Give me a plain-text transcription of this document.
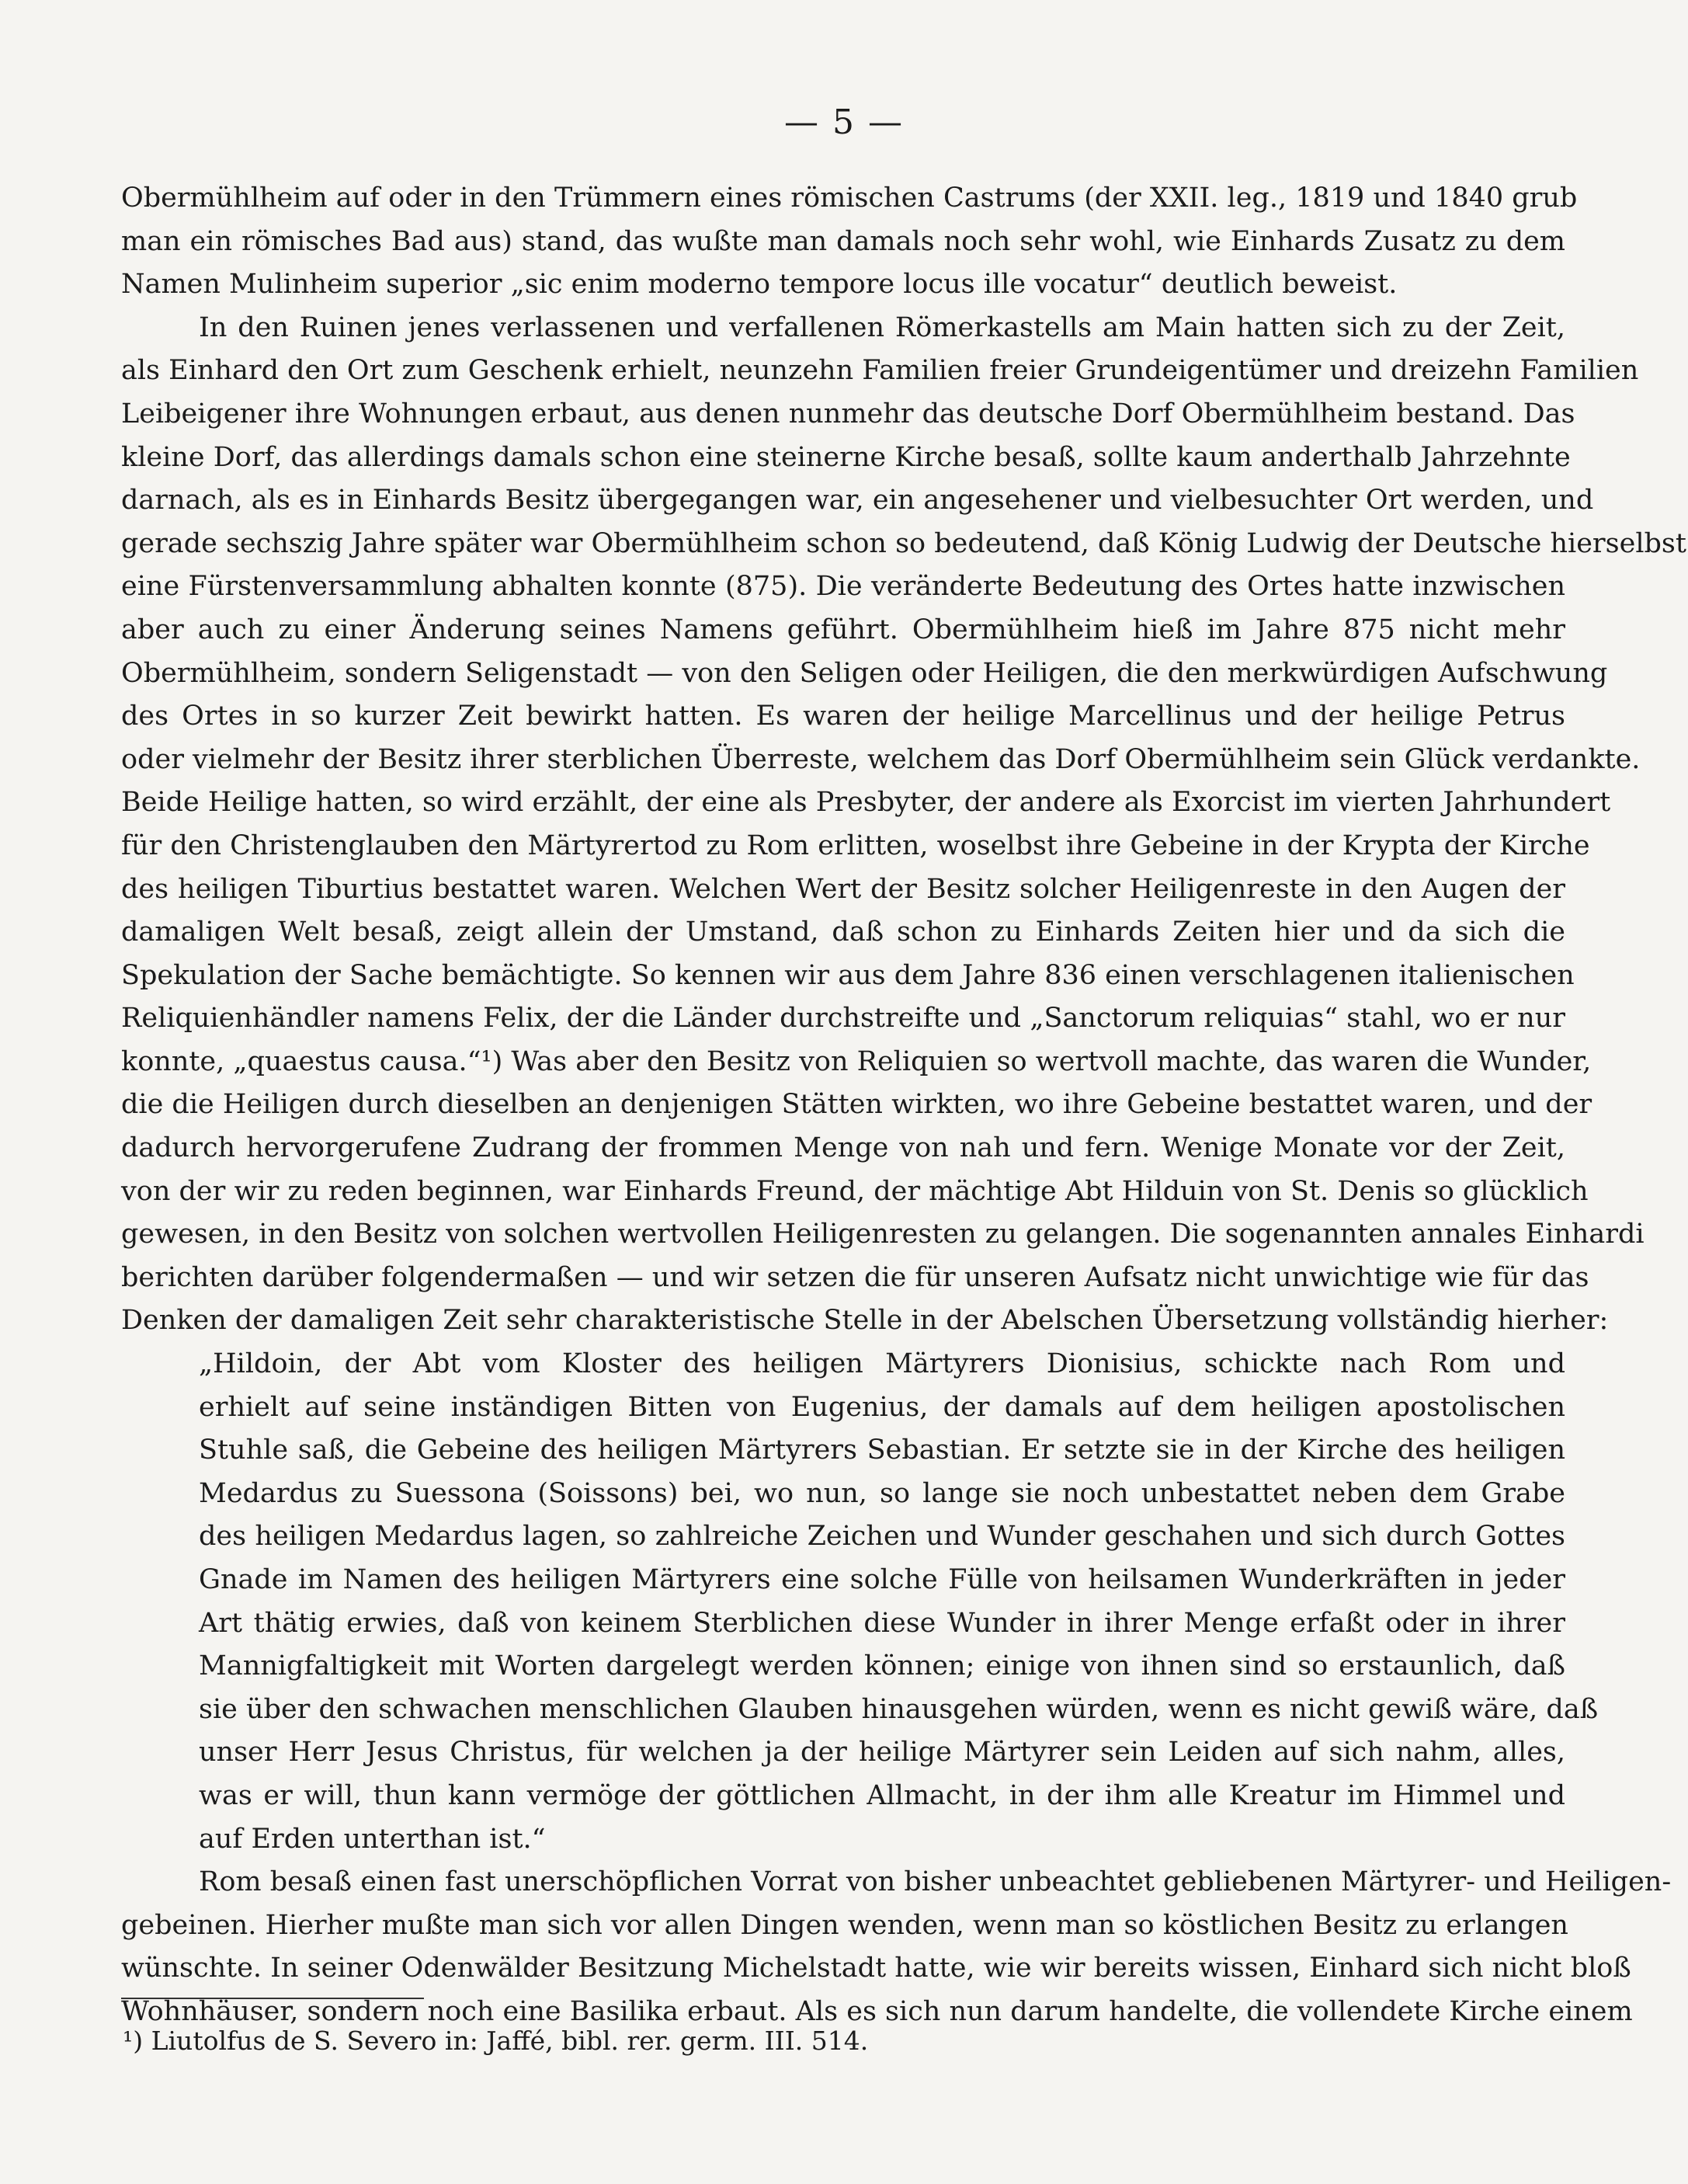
— 5 —
Obermühlheim auf oder in den Trümmern eines römischen Castrums (der XXII. leg., 1819 und 1840 grub
man ein römisches Bad aus) stand, das wußte man damals noch sehr wohl, wie Einhards Zusatz zu dem
Namen Mulinheim superior „sic enim moderno tempore locus ille vocatur“ deutlich beweist.
In den Ruinen jenes verlassenen und verfallenen Römerkastells am Main hatten sich zu der Zeit,
als Einhard den Ort zum Geschenk erhielt, neunzehn Familien freier Grundeigentümer und dreizehn Familien
Leibeigener ihre Wohnungen erbaut, aus denen nunmehr das deutsche Dorf Obermühlheim bestand. Das
kleine Dorf, das allerdings damals schon eine steinerne Kirche besaß, sollte kaum anderthalb Jahrzehnte
darnach, als es in Einhards Besitz übergegangen war, ein angesehener und vielbesuchter Ort werden, und
gerade sechszig Jahre später war Obermühlheim schon so bedeutend, daß König Ludwig der Deutsche hierselbst
eine Fürstenversammlung abhalten konnte (875). Die veränderte Bedeutung des Ortes hatte inzwischen
aber auch zu einer Änderung seines Namens geführt. Obermühlheim hieß im Jahre 875 nicht mehr
Obermühlheim, sondern Seligenstadt — von den Seligen oder Heiligen, die den merkwürdigen Aufschwung
des Ortes in so kurzer Zeit bewirkt hatten. Es waren der heilige Marcellinus und der heilige Petrus
oder vielmehr der Besitz ihrer sterblichen Überreste, welchem das Dorf Obermühlheim sein Glück verdankte.
Beide Heilige hatten, so wird erzählt, der eine als Presbyter, der andere als Exorcist im vierten Jahrhundert
für den Christenglauben den Märtyrertod zu Rom erlitten, woselbst ihre Gebeine in der Krypta der Kirche
des heiligen Tiburtius bestattet waren. Welchen Wert der Besitz solcher Heiligenreste in den Augen der
damaligen Welt besaß, zeigt allein der Umstand, daß schon zu Einhards Zeiten hier und da sich die
Spekulation der Sache bemächtigte. So kennen wir aus dem Jahre 836 einen verschlagenen italienischen
Reliquienhändler namens Felix, der die Länder durchstreifte und „Sanctorum reliquias“ stahl, wo er nur
konnte, „quaestus causa.“¹) Was aber den Besitz von Reliquien so wertvoll machte, das waren die Wunder,
die die Heiligen durch dieselben an denjenigen Stätten wirkten, wo ihre Gebeine bestattet waren, und der
dadurch hervorgerufene Zudrang der frommen Menge von nah und fern. Wenige Monate vor der Zeit,
von der wir zu reden beginnen, war Einhards Freund, der mächtige Abt Hilduin von St. Denis so glücklich
gewesen, in den Besitz von solchen wertvollen Heiligenresten zu gelangen. Die sogenannten annales Einhardi
berichten darüber folgendermaßen — und wir setzen die für unseren Aufsatz nicht unwichtige wie für das
Denken der damaligen Zeit sehr charakteristische Stelle in der Abelschen Übersetzung vollständig hierher:
„Hildoin, der Abt vom Kloster des heiligen Märtyrers Dionisius, schickte nach Rom und
erhielt auf seine inständigen Bitten von Eugenius, der damals auf dem heiligen apostolischen
Stuhle saß, die Gebeine des heiligen Märtyrers Sebastian. Er setzte sie in der Kirche des heiligen
Medardus zu Suessona (Soissons) bei, wo nun, so lange sie noch unbestattet neben dem Grabe
des heiligen Medardus lagen, so zahlreiche Zeichen und Wunder geschahen und sich durch Gottes
Gnade im Namen des heiligen Märtyrers eine solche Fülle von heilsamen Wunderkräften in jeder
Art thätig erwies, daß von keinem Sterblichen diese Wunder in ihrer Menge erfaßt oder in ihrer
Mannigfaltigkeit mit Worten dargelegt werden können; einige von ihnen sind so erstaunlich, daß
sie über den schwachen menschlichen Glauben hinausgehen würden, wenn es nicht gewiß wäre, daß
unser Herr Jesus Christus, für welchen ja der heilige Märtyrer sein Leiden auf sich nahm, alles,
was er will, thun kann vermöge der göttlichen Allmacht, in der ihm alle Kreatur im Himmel und
auf Erden unterthan ist.“
Rom besaß einen fast unerschöpflichen Vorrat von bisher unbeachtet gebliebenen Märtyrer- und Heiligen-
gebeinen. Hierher mußte man sich vor allen Dingen wenden, wenn man so köstlichen Besitz zu erlangen
wünschte. In seiner Odenwälder Besitzung Michelstadt hatte, wie wir bereits wissen, Einhard sich nicht bloß
Wohnhäuser, sondern noch eine Basilika erbaut. Als es sich nun darum handelte, die vollendete Kirche einem
¹) Liutolfus de S. Severo in: Jaffé, bibl. rer. germ. III. 514.
